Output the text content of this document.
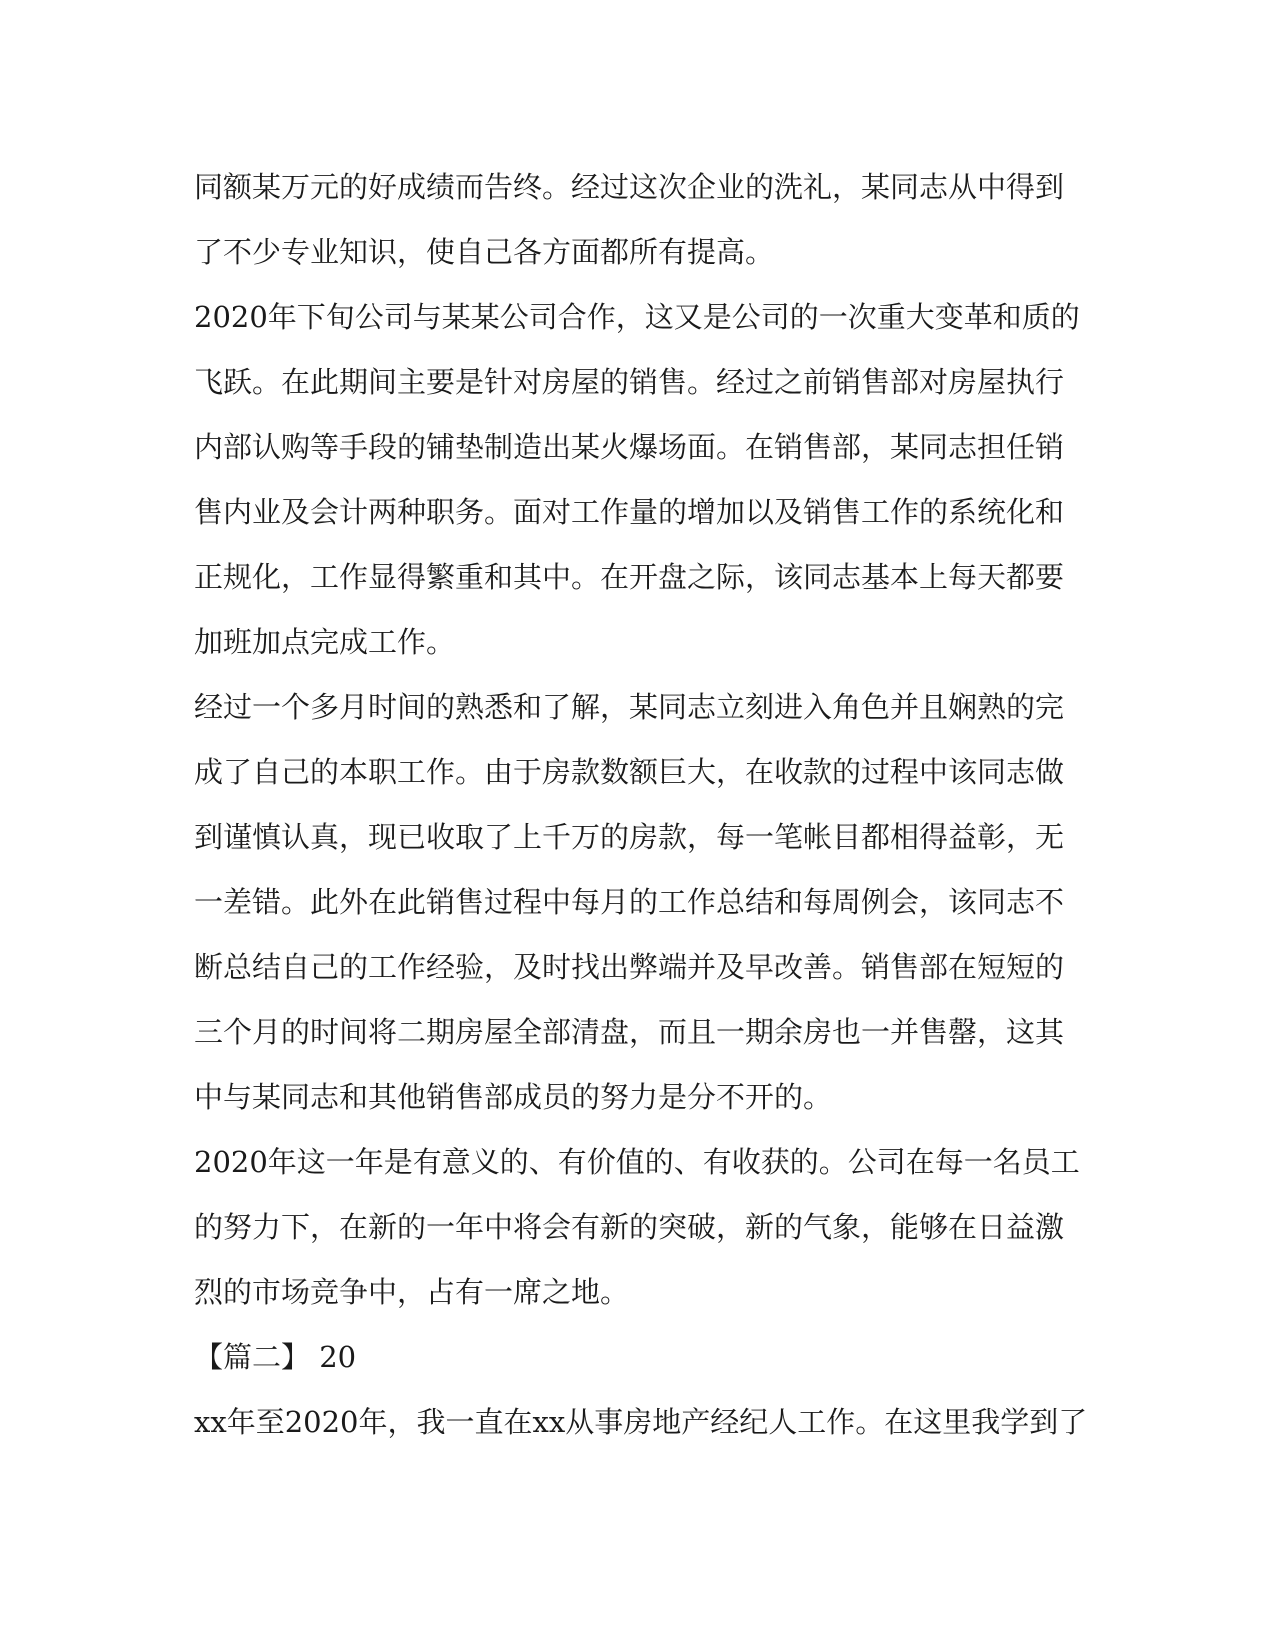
同额某万元的好成绩而告终。经过这次企业的洗礼，某同志从中得到
了不少专业知识，使自己各方面都所有提高。
2020年下旬公司与某某公司合作，这又是公司的一次重大变革和质的
飞跃。在此期间主要是针对房屋的销售。经过之前销售部对房屋执行
内部认购等手段的铺垫制造出某火爆场面。在销售部，某同志担任销
售内业及会计两种职务。面对工作量的增加以及销售工作的系统化和
正规化，工作显得繁重和其中。在开盘之际，该同志基本上每天都要
加班加点完成工作。
经过一个多月时间的熟悉和了解，某同志立刻进入角色并且娴熟的完
成了自己的本职工作。由于房款数额巨大，在收款的过程中该同志做
到谨慎认真，现已收取了上千万的房款，每一笔帐目都相得益彰，无
一差错。此外在此销售过程中每月的工作总结和每周例会，该同志不
断总结自己的工作经验，及时找出弊端并及早改善。销售部在短短的
三个月的时间将二期房屋全部清盘，而且一期余房也一并售罄，这其
中与某同志和其他销售部成员的努力是分不开的。
2020年这一年是有意义的、有价值的、有收获的。公司在每一名员工
的努力下，在新的一年中将会有新的突破，新的气象，能够在日益激
烈的市场竞争中，占有一席之地。
【篇二】 20
xx年至2020年，我一直在xx从事房地产经纪人工作。在这里我学到了
